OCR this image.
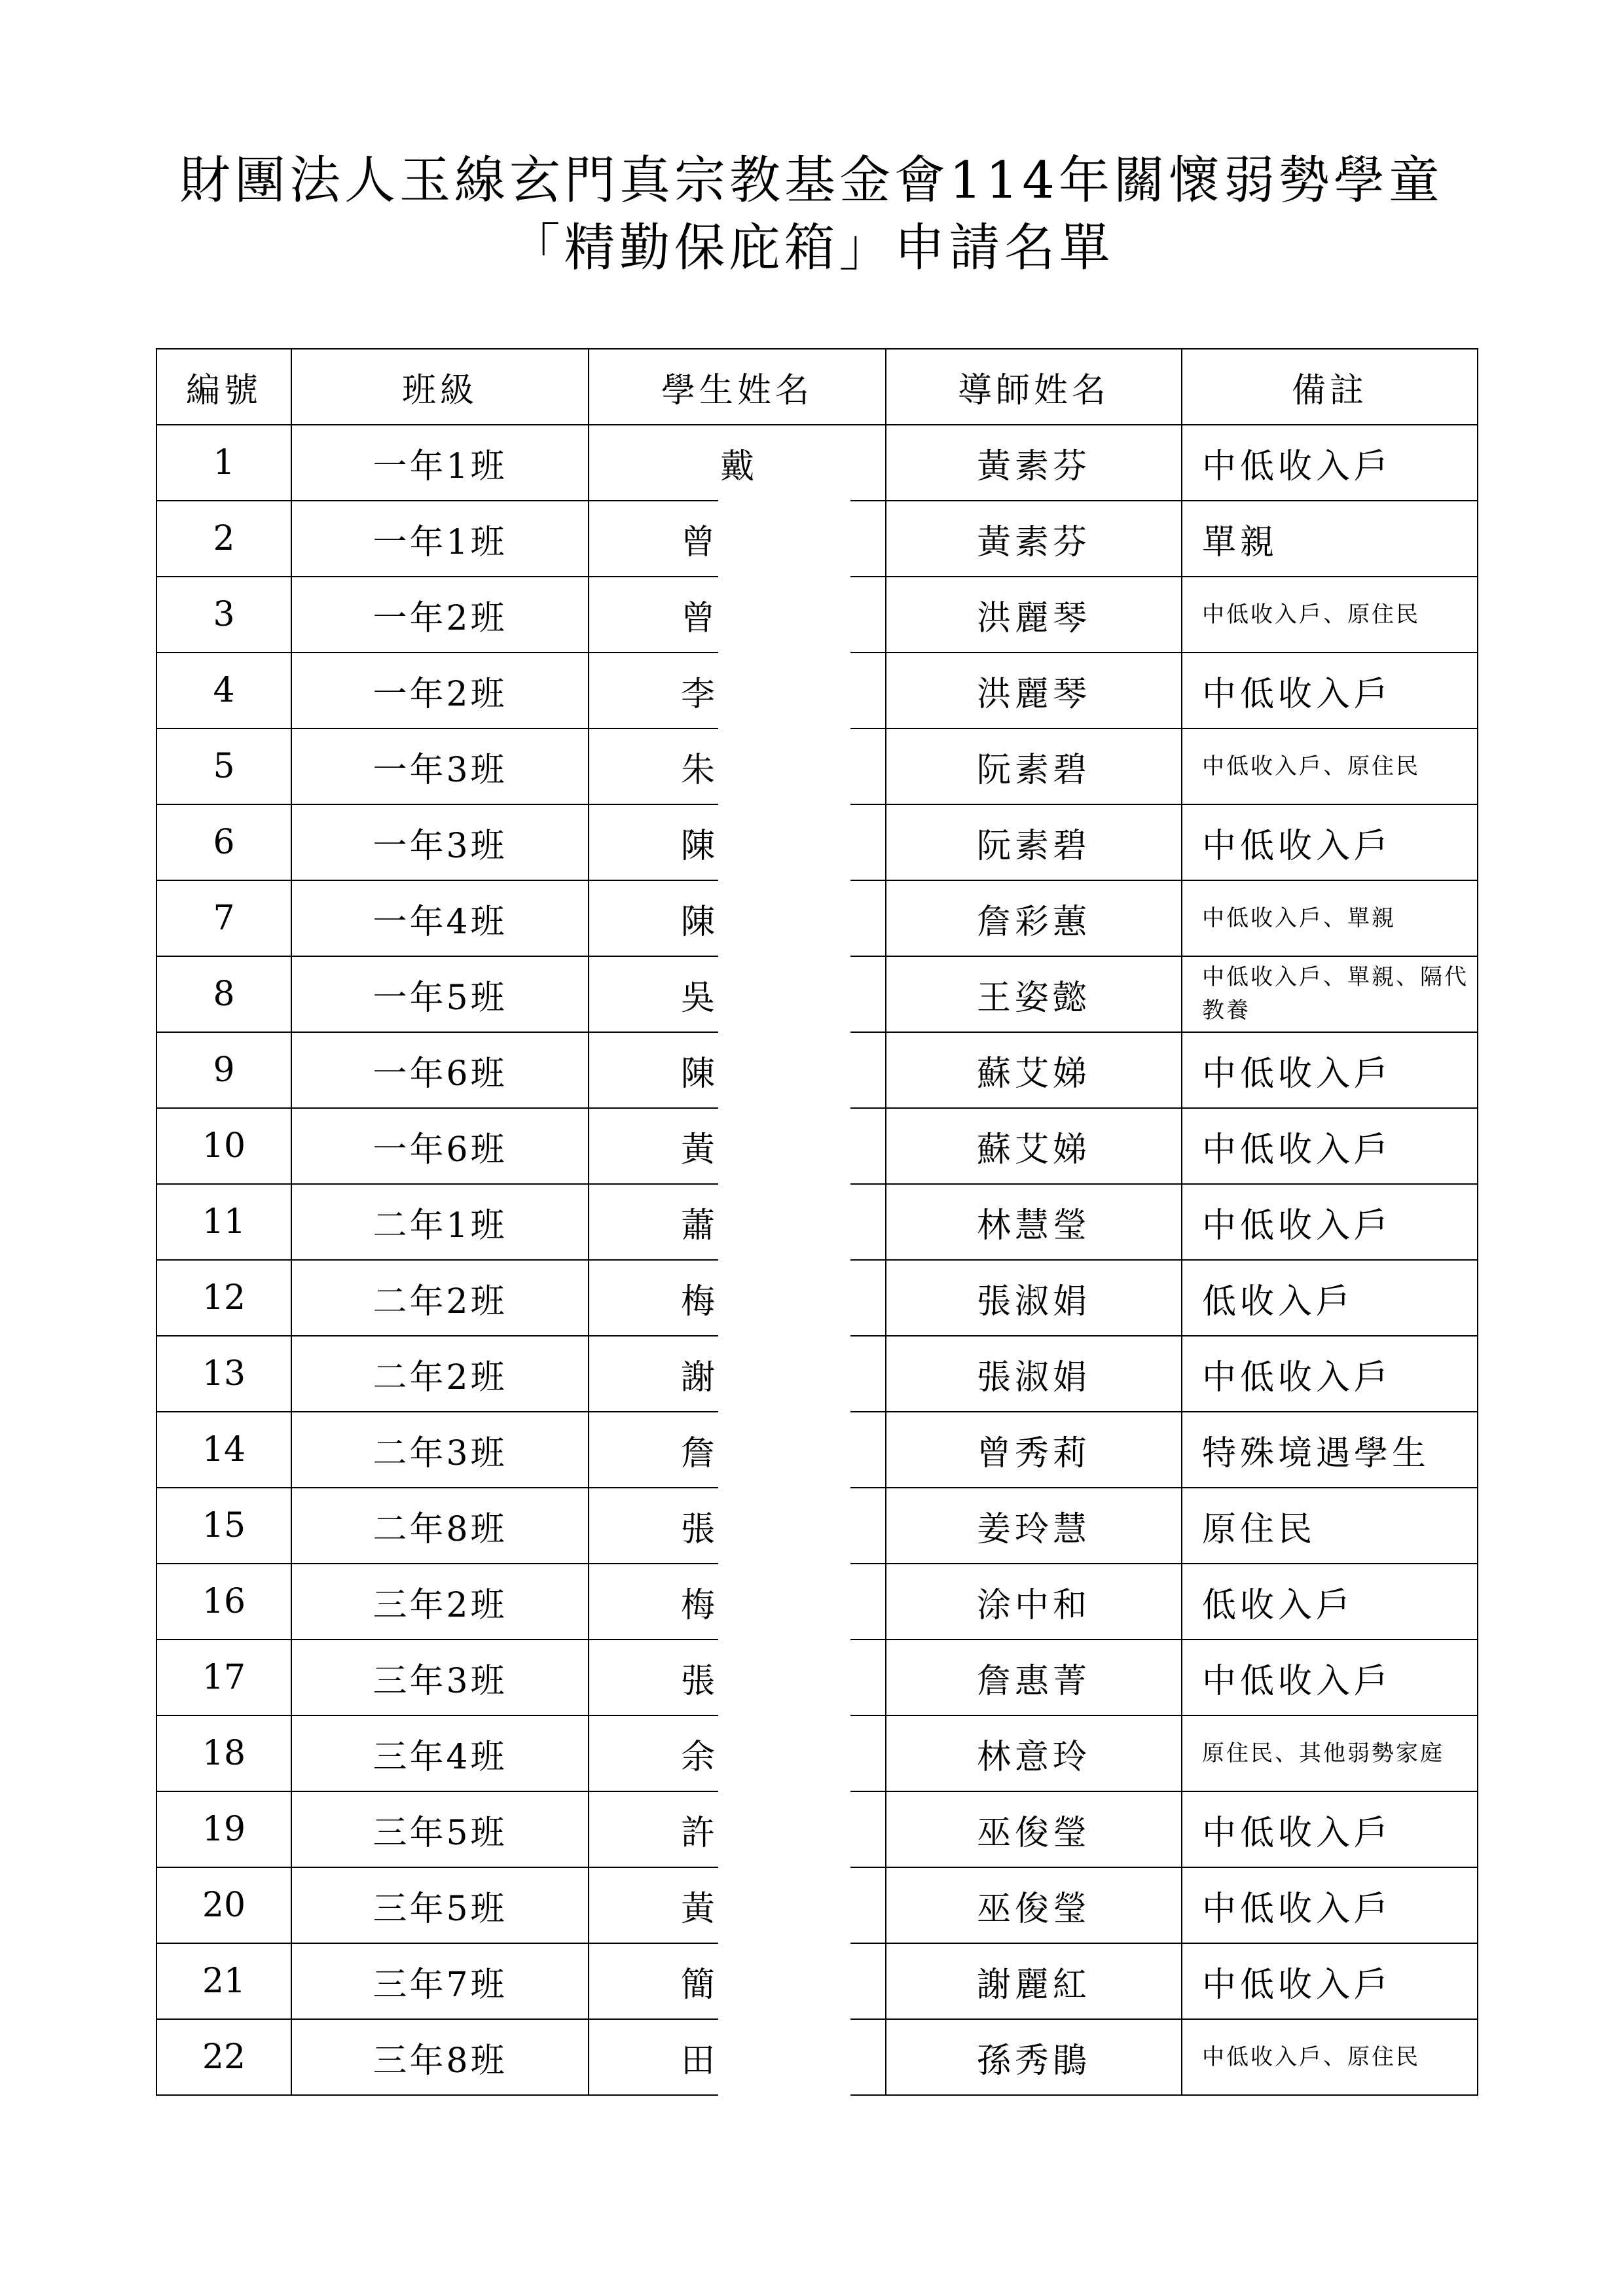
財團法人玉線玄門真宗教基金會114年關懷弱勢學童
「精勤保庇箱」申請名單
編號	班級	學生姓名	導師姓名	備註
1	一年1班	戴	黃素芬	中低收入戶
2	一年1班	曾	黃素芬	單親
3	一年2班	曾	洪麗琴	中低收入戶、原住民
4	一年2班	李	洪麗琴	中低收入戶
5	一年3班	朱	阮素碧	中低收入戶、原住民
6	一年3班	陳	阮素碧	中低收入戶
7	一年4班	陳	詹彩蕙	中低收入戶、單親
8	一年5班	吳	王姿懿	中低收入戶、單親、隔代教養
9	一年6班	陳	蘇艾娣	中低收入戶
10	一年6班	黃	蘇艾娣	中低收入戶
11	二年1班	蕭	林慧瑩	中低收入戶
12	二年2班	梅	張淑娟	低收入戶
13	二年2班	謝	張淑娟	中低收入戶
14	二年3班	詹	曾秀莉	特殊境遇學生
15	二年8班	張	姜玲慧	原住民
16	三年2班	梅	涂中和	低收入戶
17	三年3班	張	詹惠菁	中低收入戶
18	三年4班	余	林意玲	原住民、其他弱勢家庭
19	三年5班	許	巫俊瑩	中低收入戶
20	三年5班	黃	巫俊瑩	中低收入戶
21	三年7班	簡	謝麗紅	中低收入戶
22	三年8班	田	孫秀鵑	中低收入戶、原住民
